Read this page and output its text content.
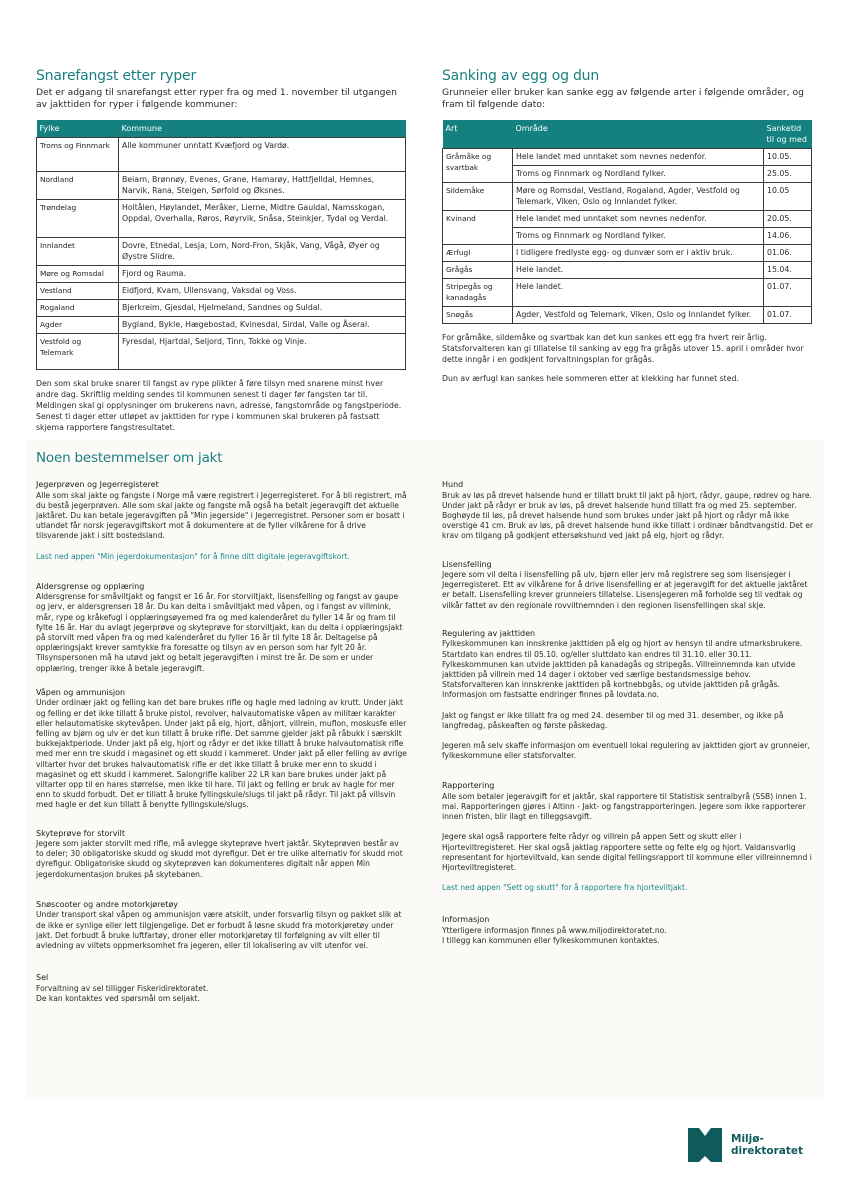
Snarefangst etter ryper

Det er adgang til snarefangst etter ryper fra og med 1. november til utgangen av jakttiden for ryper i følgende kommuner:

Fylke	Kommune
Troms og Finnmark	Alle kommuner unntatt Kvæfjord og Vardø.
Nordland	Beiarn, Brønnøy, Evenes, Grane, Hamarøy, Hattfjelldal, Hemnes, Narvik, Rana, Steigen, Sørfold og Øksnes.
Trøndelag	Holtålen, Høylandet, Meråker, Lierne, Midtre Gauldal, Namsskogan, Oppdal, Overhalla, Røros, Røyrvik, Snåsa, Steinkjer, Tydal og Verdal.
Innlandet	Dovre, Etnedal, Lesja, Lom, Nord-Fron, Skjåk, Vang, Vågå, Øyer og Øystre Slidre.
Møre og Romsdal	Fjord og Rauma.
Vestland	Eidfjord, Kvam, Ullensvang, Vaksdal og Voss.
Rogaland	Bjerkreim, Gjesdal, Hjelmeland, Sandnes og Suldal.
Agder	Bygland, Bykle, Hægebostad, Kvinesdal, Sirdal, Valle og Åseral.
Vestfold og Telemark	Fyresdal, Hjartdal, Seljord, Tinn, Tokke og Vinje.

Den som skal bruke snarer til fangst av rype plikter å føre tilsyn med snarene minst hver andre dag. Skriftlig melding sendes til kommunen senest ti dager før fangsten tar til. Meldingen skal gi opplysninger om brukerens navn, adresse, fangstområde og fangstperiode. Senest ti dager etter utløpet av jakttiden for rype i kommunen skal brukeren på fastsatt skjema rapportere fangstresultatet.

Sanking av egg og dun

Grunneier eller bruker kan sanke egg av følgende arter i følgende områder, og fram til følgende dato:

Art	Område	Sanketid til og med
Gråmåke og svartbak	Hele landet med unntaket som nevnes nedenfor.	10.05.
	Troms og Finnmark og Nordland fylker.	25.05.
Sildemåke	Møre og Romsdal, Vestland, Rogaland, Agder, Vestfold og Telemark, Viken, Oslo og Innlandet fylker.	10.05
Kvinand	Hele landet med unntaket som nevnes nedenfor.	20.05.
	Troms og Finnmark og Nordland fylker.	14.06.
Ærfugl	I tidligere fredlyste egg- og dunvær som er i aktiv bruk.	01.06.
Grågås	Hele landet.	15.04.
Stripegås og kanadagås	Hele landet.	01.07.
Snøgås	Agder, Vestfold og Telemark, Viken, Oslo og Innlandet fylker.	01.07.

For gråmåke, sildemåke og svartbak kan det kun sankes ett egg fra hvert reir årlig. Statsforvalteren kan gi tillatelse til sanking av egg fra grågås utover 15. april i områder hvor dette inngår i en godkjent forvaltningsplan for grågås.

Dun av ærfugl kan sankes hele sommeren etter at klekking har funnet sted.

Noen bestemmelser om jakt
Jegerprøven og Jegerregisteret

Alle som skal jakte og fangste i Norge må være registrert i Jegerregisteret. For å bli registrert, må du bestå jegerprøven. Alle som skal jakte og fangste må også ha betalt jegeravgift det aktuelle jaktåret. Du kan betale jegeravgiften på "Min jegerside" i Jegerregistret. Personer som er bosatt i utlandet får norsk jegeravgiftskort mot å dokumentere at de fyller vilkårene for å drive tilsvarende jakt i sitt bostedsland.

Last ned appen "Min jegerdokumentasjon" for å finne ditt digitale jegeravgiftskort.
Aldersgrense og opplæring

Aldersgrense for småviltjakt og fangst er 16 år. For storviltjakt, lisensfelling og fangst av gaupe og jerv, er aldersgrensen 18 år. Du kan delta i småviltjakt med våpen, og i fangst av villmink, mår, rype og kråkefugl i opplæringsøyemed fra og med kalenderåret du fyller 14 år og fram til fylte 16 år. Har du avlagt jegerprøve og skyteprøve for storviltjakt, kan du delta i opplæringsjakt på storvilt med våpen fra og med kalenderåret du fyller 16 år til fylte 18 år. Deltagelse på opplæringsjakt krever samtykke fra foresatte og tilsyn av en person som har fylt 20 år. Tilsynspersonen må ha utøvd jakt og betalt jegeravgiften i minst tre år. De som er under opplæring, trenger ikke å betale jegeravgift.

Våpen og ammunisjon

Under ordinær jakt og felling kan det bare brukes rifle og hagle med ladning av krutt. Under jakt og felling er det ikke tillatt å bruke pistol, revolver, halvautomatiske våpen av militær karakter eller helautomatiske skytevåpen. Under jakt på elg, hjort, dåhjort, villrein, muflon, moskusfe eller felling av bjørn og ulv er det kun tillatt å bruke rifle. Det samme gjelder jakt på råbukk i særskilt bukkejaktperiode. Under jakt på elg, hjort og rådyr er det ikke tillatt å bruke halvautomatisk rifle med mer enn tre skudd i magasinet og ett skudd i kammeret. Under jakt på eller felling av øvrige viltarter hvor det brukes halvautomatisk rifle er det ikke tillatt å bruke mer enn to skudd i magasinet og ett skudd i kammeret. Salongrifle kaliber 22 LR kan bare brukes under jakt på viltarter opp til en hares størrelse, men ikke til hare. Til jakt og felling er bruk av hagle for mer enn to skudd forbudt. Det er tillatt å bruke fyllingskule/slugs til jakt på rådyr. Til jakt på villsvin med hagle er det kun tillatt å benytte fyllingskule/slugs.

Skyteprøve for storvilt

Jegere som jakter storvilt med rifle, må avlegge skyteprøve hvert jaktår. Skyteprøven består av to deler; 30 obligatoriske skudd og skudd mot dyrefigur. Det er tre ulike alternativ for skudd mot dyrefigur. Obligatoriske skudd og skyteprøven kan dokumenteres digitalt når appen Min jegerdokumentasjon brukes på skytebanen.

Snøscooter og andre motorkjøretøy

Under transport skal våpen og ammunisjon være atskilt, under forsvarlig tilsyn og pakket slik at de ikke er synlige eller lett tilgjengelige. Det er forbudt å løsne skudd fra motorkjøretøy under jakt. Det forbudt å bruke luftfartøy, droner eller motorkjøretøy til forfølgning av vilt eller til avledning av viltets oppmerksomhet fra jegeren, eller til lokalisering av vilt utenfor vei.

Sel

Forvaltning av sel tilligger Fiskeridirektoratet.
De kan kontaktes ved spørsmål om seljakt.

Hund

Bruk av løs på drevet halsende hund er tillatt brukt til jakt på hjort, rådyr, gaupe, rødrev og hare. Under jakt på rådyr er bruk av løs, på drevet halsende hund tillatt fra og med 25. september. Boghøyde til løs, på drevet halsende hund som brukes under jakt på hjort og rådyr må ikke overstige 41 cm. Bruk av løs, på drevet halsende hund ikke tillatt i ordinær båndtvangstid. Det er krav om tilgang på godkjent ettersøkshund ved jakt på elg, hjort og rådyr.

Lisensfelling

Jegere som vil delta i lisensfelling på ulv, bjørn eller jerv må registrere seg som lisensjeger i Jegerregisteret. Ett av vilkårene for å drive lisensfelling er at jegeravgift for det aktuelle jaktåret er betalt. Lisensfelling krever grunneiers tillatelse. Lisensjegeren må forholde seg til vedtak og vilkår fattet av den regionale rovviltnemnden i den regionen lisensfellingen skal skje.

Regulering av jakttiden

Fylkeskommunen kan innskrenke jakttiden på elg og hjort av hensyn til andre utmarksbrukere. Startdato kan endres til 05.10. og/eller sluttdato kan endres til 31.10. eller 30.11. Fylkeskommunen kan utvide jakttiden på kanadagås og stripegås. Villreinnemnda kan utvide jakttiden på villrein med 14 dager i oktober ved særlige bestandsmessige behov. Statsforvalteren kan innskrenke jakttiden på kortnebbgås, og utvide jakttiden på grågås. Informasjon om fastsatte endringer finnes på lovdata.no.

Jakt og fangst er ikke tillatt fra og med 24. desember til og med 31. desember, og ikke på langfredag, påskeaften og første påskedag.

Jegeren må selv skaffe informasjon om eventuell lokal regulering av jakttiden gjort av grunneier, fylkeskommune eller statsforvalter.

Rapportering

Alle som betaler jegeravgift for et jaktår, skal rapportere til Statistisk sentralbyrå (SSB) innen 1. mai. Rapporteringen gjøres i Altinn - Jakt- og fangstrapporteringen. Jegere som ikke rapporterer innen fristen, blir ilagt en tilleggsavgift.

Jegere skal også rapportere felte rådyr og villrein på appen Sett og skutt eller i Hjorteviltregisteret. Her skal også jaktlag rapportere sette og felte elg og hjort. Valdansvarlig representant for hjorteviltvald, kan sende digital fellingsrapport til kommune eller villreinnemnd i Hjorteviltregisteret.

Last ned appen "Sett og skutt" for å rapportere fra hjorteviltjakt.
Informasjon

Ytterligere informasjon finnes på www.miljodirektoratet.no.
I tillegg kan kommunen eller fylkeskommunen kontaktes.

Miljø-
direktoratet
